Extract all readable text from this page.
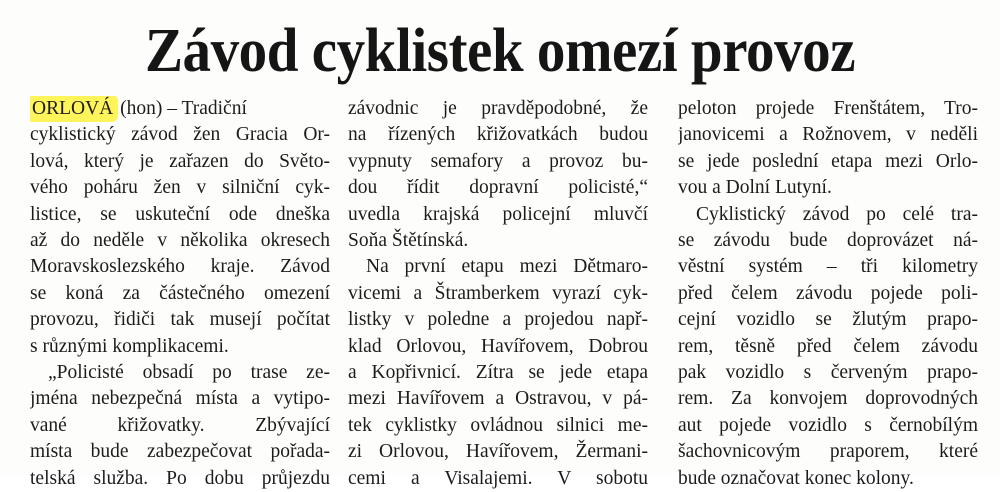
Závod cyklistek omezí provoz
ORLOVÁ (hon) – Tradiční
cyklistický závod žen Gracia Or-
lová, který je zařazen do Světo-
vého poháru žen v silniční cyk-
listice, se uskuteční ode dneška
až do neděle v několika okresech
Moravskoslezského kraje. Závod
se koná za částečného omezení
provozu, řidiči tak musejí počítat
s různými komplikacemi.
„Policisté obsadí po trase ze-
jména nebezpečná místa a vytipo-
vané křižovatky. Zbývající
místa bude zabezpečovat pořada-
telská služba. Po dobu průjezdu
závodnic je pravděpodobné, že
na řízených křižovatkách budou
vypnuty semafory a provoz bu-
dou řídit dopravní policisté,“
uvedla krajská policejní mluvčí
Soňa Štětínská.
Na první etapu mezi Dětmaro-
vicemi a Štramberkem vyrazí cyk-
listky v poledne a projedou např-
klad Orlovou, Havířovem, Dobrou
a Kopřivnicí. Zítra se jede etapa
mezi Havířovem a Ostravou, v pá-
tek cyklistky ovládnou silnici me-
zi Orlovou, Havířovem, Žermani-
cemi a Visalajemi. V sobotu
peloton projede Frenštátem, Tro-
janovicemi a Rožnovem, v neděli
se jede poslední etapa mezi Orlo-
vou a Dolní Lutyní.
Cyklistický závod po celé tra-
se závodu bude doprovázet ná-
věstní systém – tři kilometry
před čelem závodu pojede poli-
cejní vozidlo se žlutým prapo-
rem, těsně před čelem závodu
pak vozidlo s červeným prapo-
rem. Za konvojem doprovodných
aut pojede vozidlo s černobílým
šachovnicovým praporem, které
bude označovat konec kolony.
